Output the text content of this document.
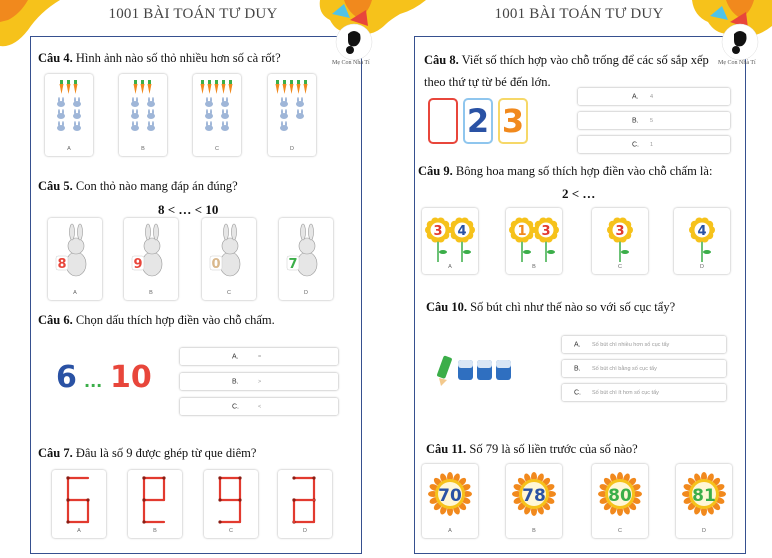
1001 BÀI TOÁN TƯ DUY
Mẹ Con Nhà Tí
Câu 4. Hình ảnh nào số thỏ nhiều hơn số cà rốt?
A	B	C	D
Câu 5. Con thỏ nào mang đáp án đúng?
8 < … < 10
8
A
9
B
0
C
7
D
Câu 6. Chọn dấu thích hợp điền vào chỗ chấm.
6 ... 10
A.	=
B.	>
C.	<
Câu 7. Đâu là số 9 được ghép từ que diêm?
A	B	C	D
1001 BÀI TOÁN TƯ DUY
Mẹ Con Nhà Tí
Câu 8. Viết số thích hợp vào chỗ trống để các số sắp xếp
theo thứ tự từ bé đến lớn.
2 3
A. 4
B. 5
C. 1
Câu 9. Bông hoa mang số thích hợp điền vào chỗ chấm là:
2 < …
3 4
A
1 3
B
3
C
4
D
Câu 10. Số bút chì như thế nào so với số cục tẩy?
A. Số bút chì nhiều hơn số cục tẩy
B. Số bút chì bằng số cục tẩy
C. Số bút chì ít hơn số cục tẩy
Câu 11. Số 79 là số liền trước của số nào?
70
A
78
B
80
C
81
D
